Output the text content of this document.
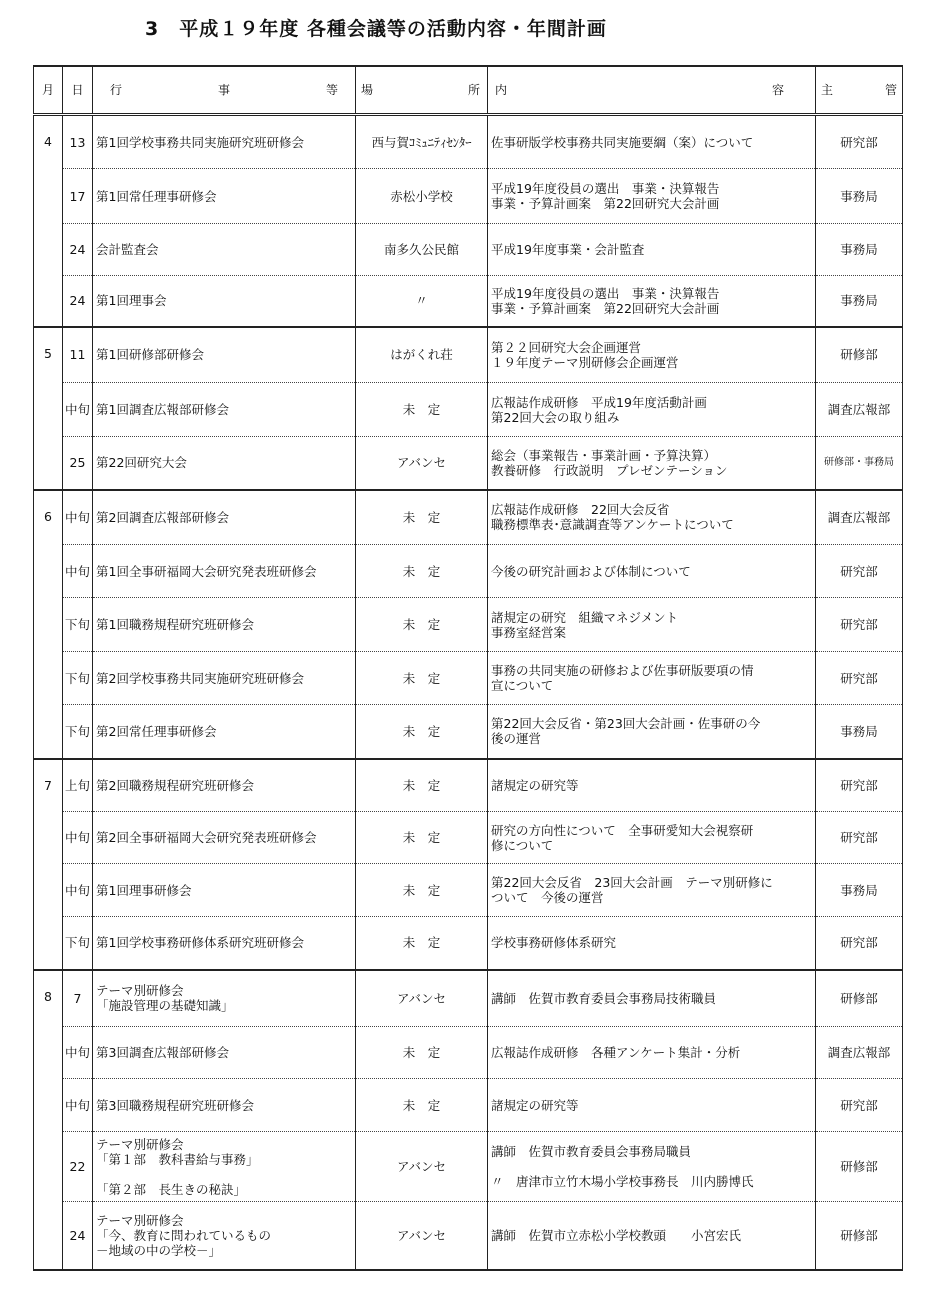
3　平成１９年度 各種会議等の活動内容・年間計画
月	日	行 事 等	場 所	内 容	主 管

4	13	第1回学校事務共同実施研究班研修会	西与賀ｺﾐｭﾆﾃｨｾﾝﾀｰ	佐事研版学校事務共同実施要綱（案）について	研究部
	17	第1回常任理事研修会	赤松小学校	平成19年度役員の選出　事業・決算報告
事業・予算計画案　第22回研究大会計画	事務局
	24	会計監査会	南多久公民館	平成19年度事業・会計監査	事務局
	24	第1回理事会	〃	平成19年度役員の選出　事業・決算報告
事業・予算計画案　第22回研究大会計画	事務局
5	11	第1回研修部研修会	はがくれ荘	第２２回研究大会企画運営
１９年度テーマ別研修会企画運営	研修部
	中旬	第1回調査広報部研修会	未　定	広報誌作成研修　平成19年度活動計画
第22回大会の取り組み	調査広報部
	25	第22回研究大会	アバンセ	総会（事業報告・事業計画・予算決算）
教養研修　行政説明　プレゼンテーション	研修部・事務局
6	中旬	第2回調査広報部研修会	未　定	広報誌作成研修　22回大会反省
職務標準表･意識調査等アンケートについて	調査広報部
	中旬	第1回全事研福岡大会研究発表班研修会	未　定	今後の研究計画および体制について	研究部
	下旬	第1回職務規程研究班研修会	未　定	諸規定の研究　組織マネジメント
事務室経営案	研究部
	下旬	第2回学校事務共同実施研究班研修会	未　定	事務の共同実施の研修および佐事研版要項の情
宣について	研究部
	下旬	第2回常任理事研修会	未　定	第22回大会反省・第23回大会計画・佐事研の今
後の運営	事務局
7	上旬	第2回職務規程研究班研修会	未　定	諸規定の研究等	研究部
	中旬	第2回全事研福岡大会研究発表班研修会	未　定	研究の方向性について　全事研愛知大会視察研
修について	研究部
	中旬	第1回理事研修会	未　定	第22回大会反省　23回大会計画　テーマ別研修に
ついて　今後の運営	事務局
	下旬	第1回学校事務研修体系研究班研修会	未　定	学校事務研修体系研究	研究部
8	7	テーマ別研修会
「施設管理の基礎知識」	アバンセ	講師　佐賀市教育委員会事務局技術職員	研修部
	中旬	第3回調査広報部研修会	未　定	広報誌作成研修　各種アンケート集計・分析	調査広報部
	中旬	第3回職務規程研究班研修会	未　定	諸規定の研究等	研究部
	22	テーマ別研修会
「第１部　教科書給与事務」

「第２部　長生きの秘訣」	アバンセ	講師　佐賀市教育委員会事務局職員

〃　唐津市立竹木場小学校事務長　川内勝博氏	研修部
	24	テーマ別研修会
「今、教育に問われているもの
－地域の中の学校－」	アバンセ	講師　佐賀市立赤松小学校教頭　　小宮宏氏	研修部
